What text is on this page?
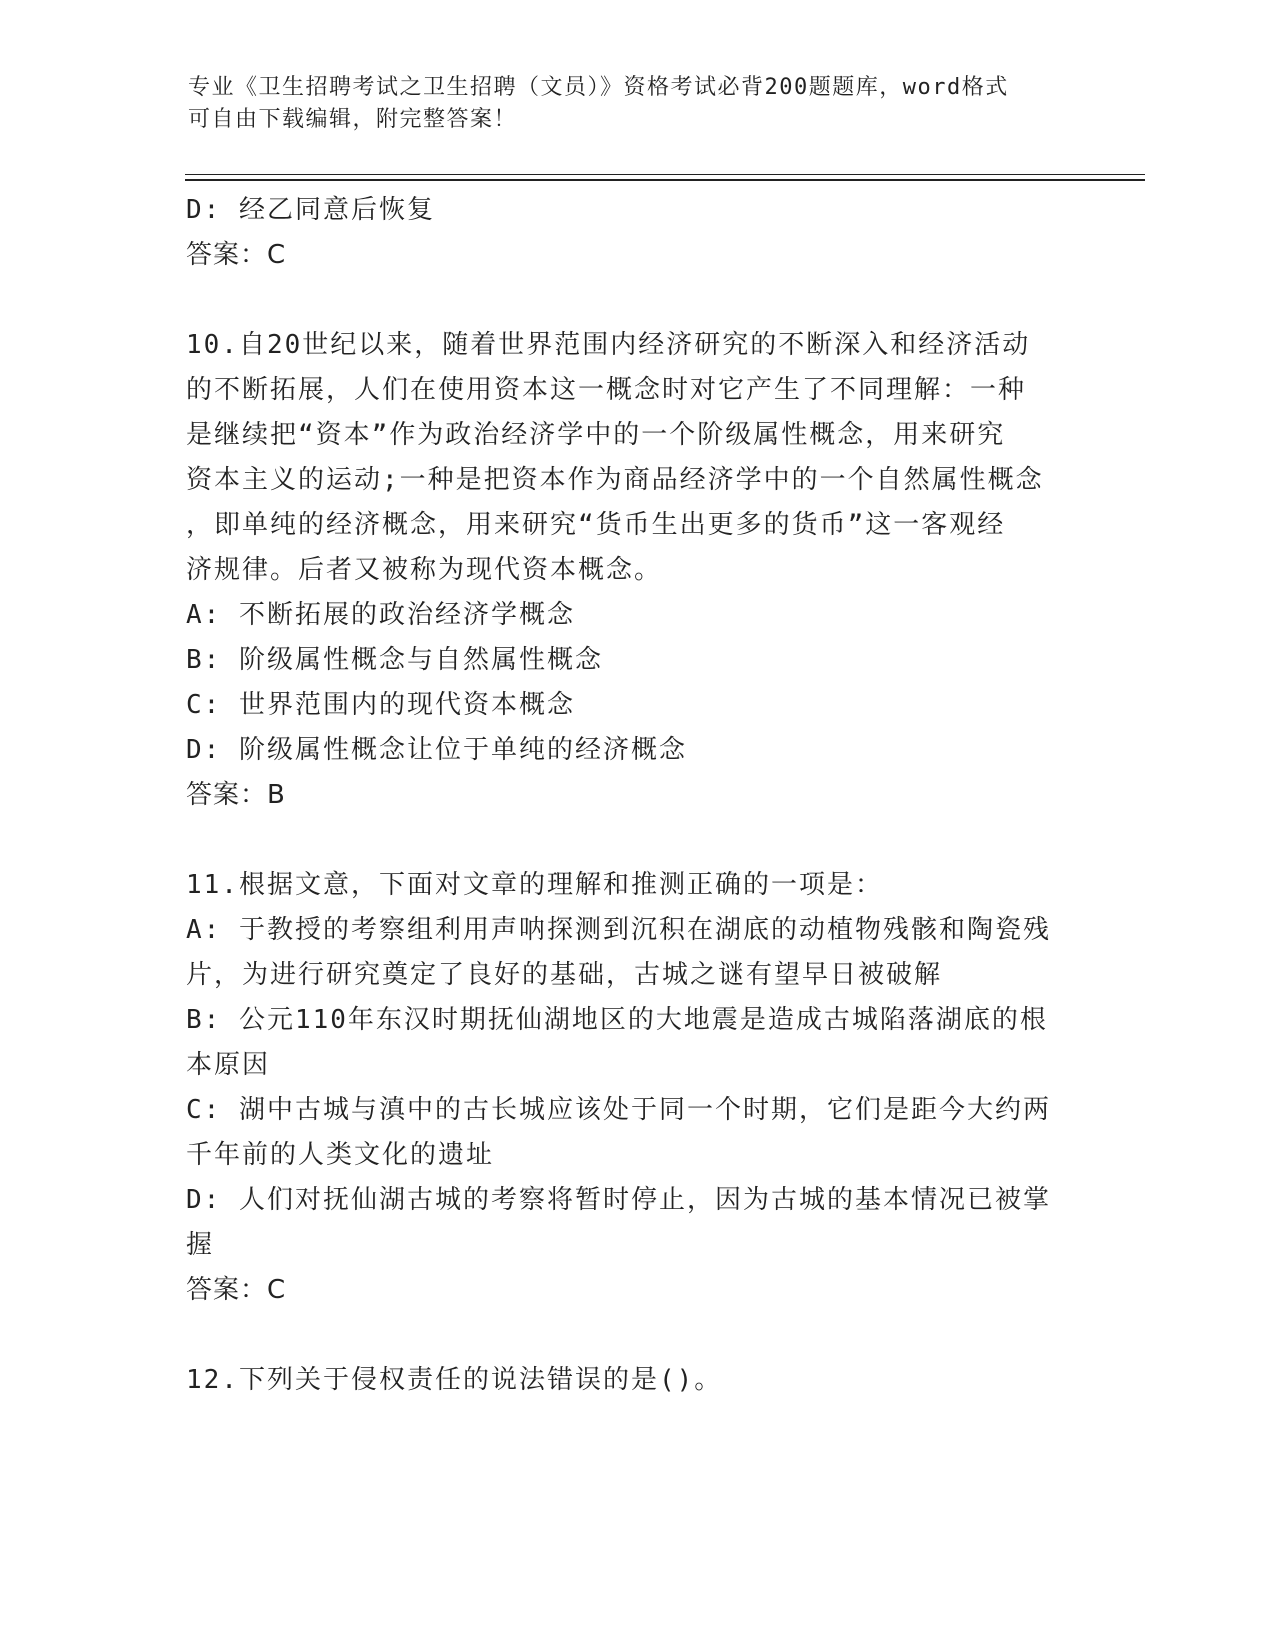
专业《卫生招聘考试之卫生招聘（文员）》资格考试必背200题题库，word格式
可自由下载编辑，附完整答案！
D: 经乙同意后恢复
答案：C
10.自20世纪以来，随着世界范围内经济研究的不断深入和经济活动
的不断拓展，人们在使用资本这一概念时对它产生了不同理解：一种
是继续把“资本”作为政治经济学中的一个阶级属性概念，用来研究
资本主义的运动;一种是把资本作为商品经济学中的一个自然属性概念
，即单纯的经济概念，用来研究“货币生出更多的货币”这一客观经
济规律。后者又被称为现代资本概念。
A: 不断拓展的政治经济学概念
B: 阶级属性概念与自然属性概念
C: 世界范围内的现代资本概念
D: 阶级属性概念让位于单纯的经济概念
答案：B
11.根据文意，下面对文章的理解和推测正确的一项是：
A: 于教授的考察组利用声呐探测到沉积在湖底的动植物残骸和陶瓷残
片，为进行研究奠定了良好的基础，古城之谜有望早日被破解
B: 公元110年东汉时期抚仙湖地区的大地震是造成古城陷落湖底的根
本原因
C: 湖中古城与滇中的古长城应该处于同一个时期，它们是距今大约两
千年前的人类文化的遗址
D: 人们对抚仙湖古城的考察将暂时停止，因为古城的基本情况已被掌
握
答案：C
12.下列关于侵权责任的说法错误的是()。
